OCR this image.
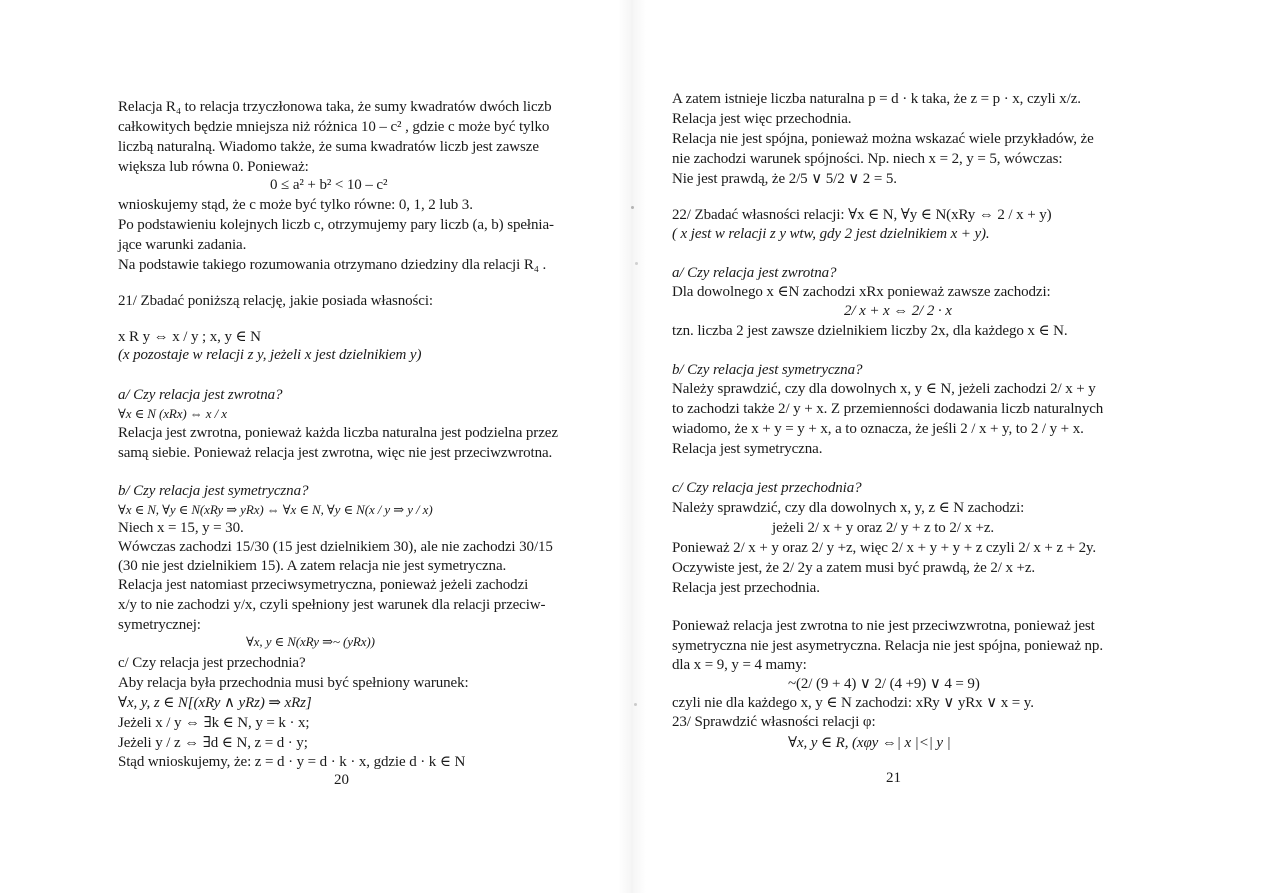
Relacja R₄ to relacja trzyczłonowa taka, że sumy kwadratów dwóch liczb
całkowitych będzie mniejsza niż różnica 10 – c² , gdzie c może być tylko
liczbą naturalną. Wiadomo także, że suma kwadratów liczb jest zawsze
większa lub równa 0. Ponieważ:
0 ≤ a² + b² < 10 – c²
wnioskujemy stąd, że c może być tylko równe: 0, 1, 2 lub 3.
Po podstawieniu kolejnych liczb c, otrzymujemy pary liczb (a, b) spełnia-
jące warunki zadania.
Na podstawie takiego rozumowania otrzymano dziedziny dla relacji R₄ .
21/ Zbadać poniższą relację, jakie posiada własności:
x R y ⇔ x / y ; x, y ∈ N
(x pozostaje w relacji z y, jeżeli x jest dzielnikiem y)
a/ Czy relacja jest zwrotna?
∀x ∈ N (xRx) ⇔ x / x
Relacja jest zwrotna, ponieważ każda liczba naturalna jest podzielna przez
samą siebie. Ponieważ relacja jest zwrotna, więc nie jest przeciwzwrotna.
b/ Czy relacja jest symetryczna?
∀x ∈ N, ∀y ∈ N(xRy ⇒ yRx) ⇔ ∀x ∈ N, ∀y ∈ N(x / y ⇒ y / x)
Niech x = 15, y = 30.
Wówczas zachodzi 15/30 (15 jest dzielnikiem 30), ale nie zachodzi 30/15
(30 nie jest dzielnikiem 15). A zatem relacja nie jest symetryczna.
Relacja jest natomiast przeciwsymetryczna, ponieważ jeżeli zachodzi
x/y to nie zachodzi y/x, czyli spełniony jest warunek dla relacji przeciw-
symetrycznej:
∀x, y ∈ N(xRy ⇒~ (yRx))
c/ Czy relacja jest przechodnia?
Aby relacja była przechodnia musi być spełniony warunek:
∀x, y, z ∈ N[(xRy ∧ yRz) ⇒ xRz]
Jeżeli x / y ⇔ ∃k ∈ N, y = k · x;
Jeżeli y / z ⇔ ∃d ∈ N, z = d · y;
Stąd wnioskujemy, że: z = d · y = d · k · x, gdzie d · k ∈ N
20
A zatem istnieje liczba naturalna p = d · k taka, że z = p · x, czyli x/z.
Relacja jest więc przechodnia.
Relacja nie jest spójna, ponieważ można wskazać wiele przykładów, że
nie zachodzi warunek spójności. Np. niech x = 2, y = 5, wówczas:
Nie jest prawdą, że 2/5 ∨ 5/2 ∨ 2 = 5.
22/ Zbadać własności relacji: ∀x ∈ N, ∀y ∈ N(xRy ⇔ 2 / x + y)
( x jest w relacji z y wtw, gdy 2 jest dzielnikiem x + y).
a/ Czy relacja jest zwrotna?
Dla dowolnego x ∈N zachodzi xRx ponieważ zawsze zachodzi:
2/ x + x ⇔ 2/ 2 · x
tzn. liczba 2 jest zawsze dzielnikiem liczby 2x, dla każdego x ∈ N.
b/ Czy relacja jest symetryczna?
Należy sprawdzić, czy dla dowolnych x, y ∈ N, jeżeli zachodzi 2/ x + y
to zachodzi także 2/ y + x. Z przemienności dodawania liczb naturalnych
wiadomo, że x + y = y + x, a to oznacza, że jeśli 2 / x + y, to 2 / y + x.
Relacja jest symetryczna.
c/ Czy relacja jest przechodnia?
Należy sprawdzić, czy dla dowolnych x, y, z ∈ N zachodzi:
jeżeli 2/ x + y oraz 2/ y + z to 2/ x +z.
Ponieważ 2/ x + y oraz 2/ y +z, więc 2/ x + y + y + z czyli 2/ x + z + 2y.
Oczywiste jest, że 2/ 2y a zatem musi być prawdą, że 2/ x +z.
Relacja jest przechodnia.
Ponieważ relacja jest zwrotna to nie jest przeciwzwrotna, ponieważ jest
symetryczna nie jest asymetryczna. Relacja nie jest spójna, ponieważ np.
dla x = 9, y = 4 mamy:
~(2/ (9 + 4) ∨ 2/ (4 +9) ∨ 4 = 9)
czyli nie dla każdego x, y ∈ N zachodzi: xRy ∨ yRx ∨ x = y.
23/ Sprawdzić własności relacji φ:
∀x, y ∈ R, (xφy ⇔| x |<| y |
21
